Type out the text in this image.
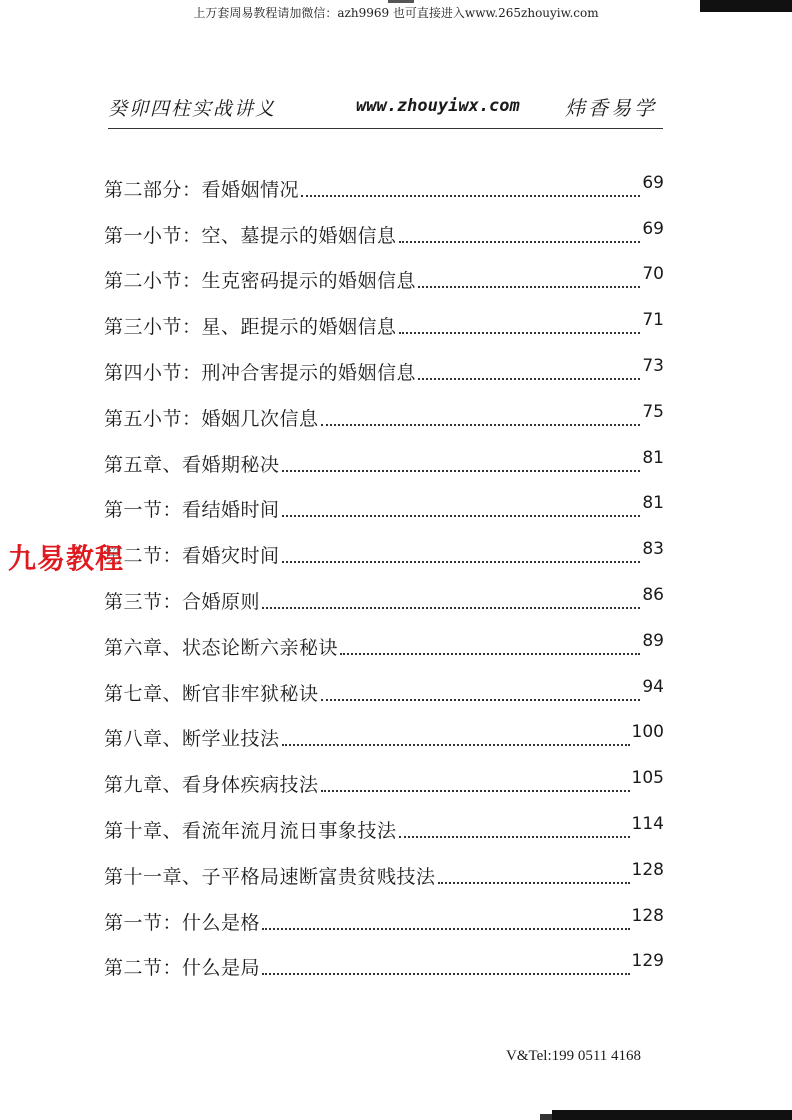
上万套周易教程请加微信：azh9969 也可直接进入www.265zhouyiw.com
癸卯四柱实战讲义	www.zhouyiwx.com 炜香易学
第二部分：看婚姻情况	69
第一小节：空、墓提示的婚姻信息	69
第二小节：生克密码提示的婚姻信息	70
第三小节：星、距提示的婚姻信息	71
第四小节：刑冲合害提示的婚姻信息	73
第五小节：婚姻几次信息	75
第五章、看婚期秘决	81
第一节：看结婚时间	81
第二节：看婚灾时间	83
第三节：合婚原则	86
第六章、状态论断六亲秘诀	89
第七章、断官非牢狱秘诀	94
第八章、断学业技法	100
第九章、看身体疾病技法	105
第十章、看流年流月流日事象技法	114
第十一章、子平格局速断富贵贫贱技法	128
第一节：什么是格	128
第二节：什么是局	129
九易教程
V&Tel:199 0511 4168
